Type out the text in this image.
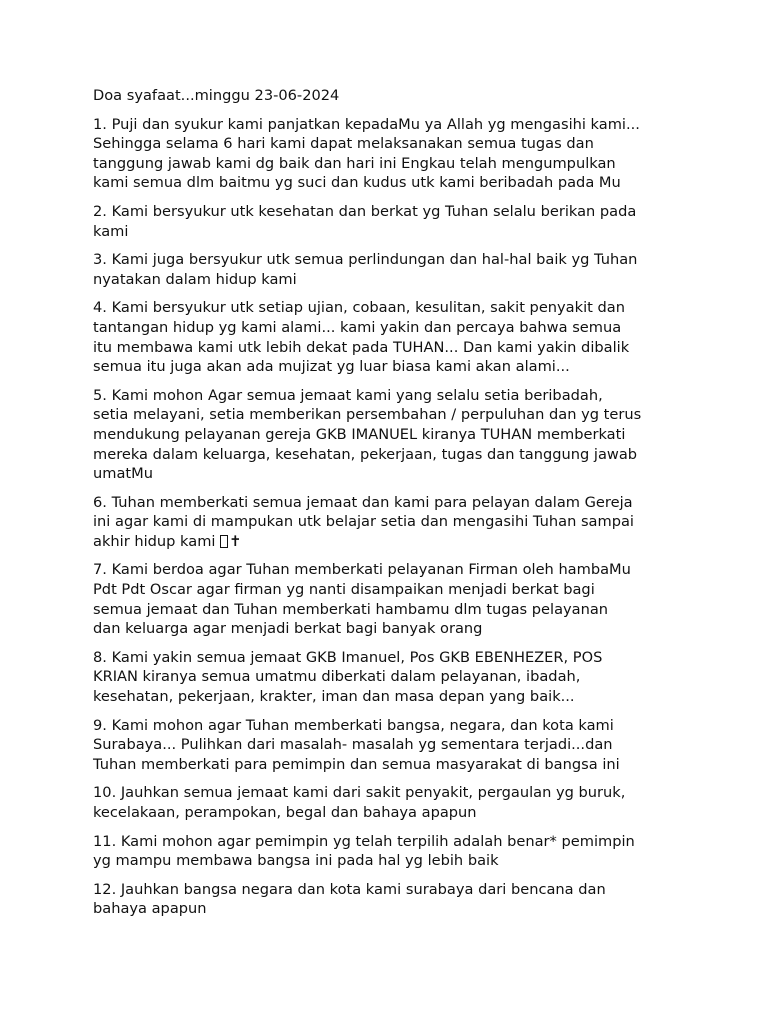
Doa syafaat...minggu 23-06-2024
1. Puji dan syukur kami panjatkan kepadaMu ya Allah yg mengasihi kami...
Sehingga selama 6 hari kami dapat melaksanakan semua tugas dan
tanggung jawab kami dg baik dan hari ini Engkau telah mengumpulkan
kami semua dlm baitmu yg suci dan kudus utk kami beribadah pada Mu
2. Kami bersyukur utk kesehatan dan berkat yg Tuhan selalu berikan pada
kami
3. Kami juga bersyukur utk semua perlindungan dan hal-hal baik yg Tuhan
nyatakan dalam hidup kami
4. Kami bersyukur utk setiap ujian, cobaan, kesulitan, sakit penyakit dan
tantangan hidup yg kami alami... kami yakin dan percaya bahwa semua
itu membawa kami utk lebih dekat pada TUHAN... Dan kami yakin dibalik
semua itu juga akan ada mujizat yg luar biasa kami akan alami...
5. Kami mohon Agar semua jemaat kami yang selalu setia beribadah,
setia melayani, setia memberikan persembahan / perpuluhan dan yg terus
mendukung pelayanan gereja GKB IMANUEL kiranya TUHAN memberkati
mereka dalam keluarga, kesehatan, pekerjaan, tugas dan tanggung jawab
umatMu
6. Tuhan memberkati semua jemaat dan kami para pelayan dalam Gereja
ini agar kami di mampukan utk belajar setia dan mengasihi Tuhan sampai
akhir hidup kami ✝
7. Kami berdoa agar Tuhan memberkati pelayanan Firman oleh hambaMu
Pdt Pdt Oscar agar firman yg nanti disampaikan menjadi berkat bagi
semua jemaat dan Tuhan memberkati hambamu dlm tugas pelayanan
dan keluarga agar menjadi berkat bagi banyak orang
8. Kami yakin semua jemaat GKB Imanuel, Pos GKB EBENHEZER, POS
KRIAN kiranya semua umatmu diberkati dalam pelayanan, ibadah,
kesehatan, pekerjaan, krakter, iman dan masa depan yang baik...
9. Kami mohon agar Tuhan memberkati bangsa, negara, dan kota kami
Surabaya... Pulihkan dari masalah- masalah yg sementara terjadi...dan
Tuhan memberkati para pemimpin dan semua masyarakat di bangsa ini
10. Jauhkan semua jemaat kami dari sakit penyakit, pergaulan yg buruk,
kecelakaan, perampokan, begal dan bahaya apapun
11. Kami mohon agar pemimpin yg telah terpilih adalah benar* pemimpin
yg mampu membawa bangsa ini pada hal yg lebih baik
12. Jauhkan bangsa negara dan kota kami surabaya dari bencana dan
bahaya apapun
